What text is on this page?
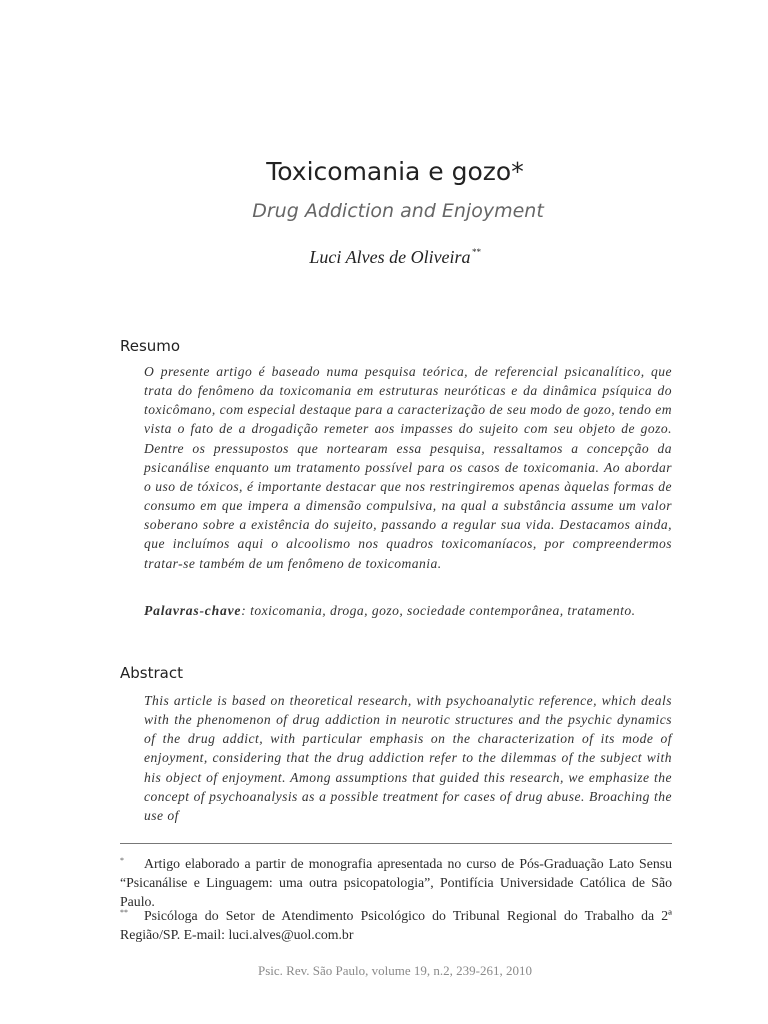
Toxicomania e gozo*
Drug Addiction and Enjoyment
Luci Alves de Oliveira**
Resumo

O presente artigo é baseado numa pesquisa teórica, de referencial psicanalítico, que trata do fenômeno da toxicomania em estruturas neuróticas e da dinâmica psíquica do toxicômano, com especial destaque para a caracterização de seu modo de gozo, tendo em vista o fato de a drogadição remeter aos impasses do sujeito com seu objeto de gozo. Dentre os pressupostos que nortearam essa pesquisa, ressaltamos a concepção da psicanálise enquanto um tratamento possível para os casos de toxicomania. Ao abordar o uso de tóxicos, é importante destacar que nos restringiremos apenas àquelas formas de consumo em que impera a dimensão compulsiva, na qual a substância assume um valor soberano sobre a existência do sujeito, passando a regular sua vida. Destacamos ainda, que incluímos aqui o alcoolismo nos quadros toxicomaníacos, por compreendermos tratar-se também de um fenômeno de toxicomania.

Palavras-chave: toxicomania, droga, gozo, sociedade contemporânea, tratamento.

Abstract

This article is based on theoretical research, with psychoanalytic reference, which deals with the phenomenon of drug addiction in neurotic structures and the psychic dynamics of the drug addict, with particular emphasis on the characterization of its mode of enjoyment, considering that the drug addiction refer to the dilemmas of the subject with his object of enjoyment. Among assumptions that guided this research, we emphasize the concept of psychoanalysis as a possible treatment for cases of drug abuse. Broaching the use of

* Artigo elaborado a partir de monografia apresentada no curso de Pós-Graduação Lato Sensu “Psicanálise e Linguagem: uma outra psicopatologia”, Pontifícia Universidade Católica de São Paulo.

** Psicóloga do Setor de Atendimento Psicológico do Tribunal Regional do Trabalho da 2ª Região/SP. E-mail: luci.alves@uol.com.br

Psic. Rev. São Paulo, volume 19, n.2, 239-261, 2010
